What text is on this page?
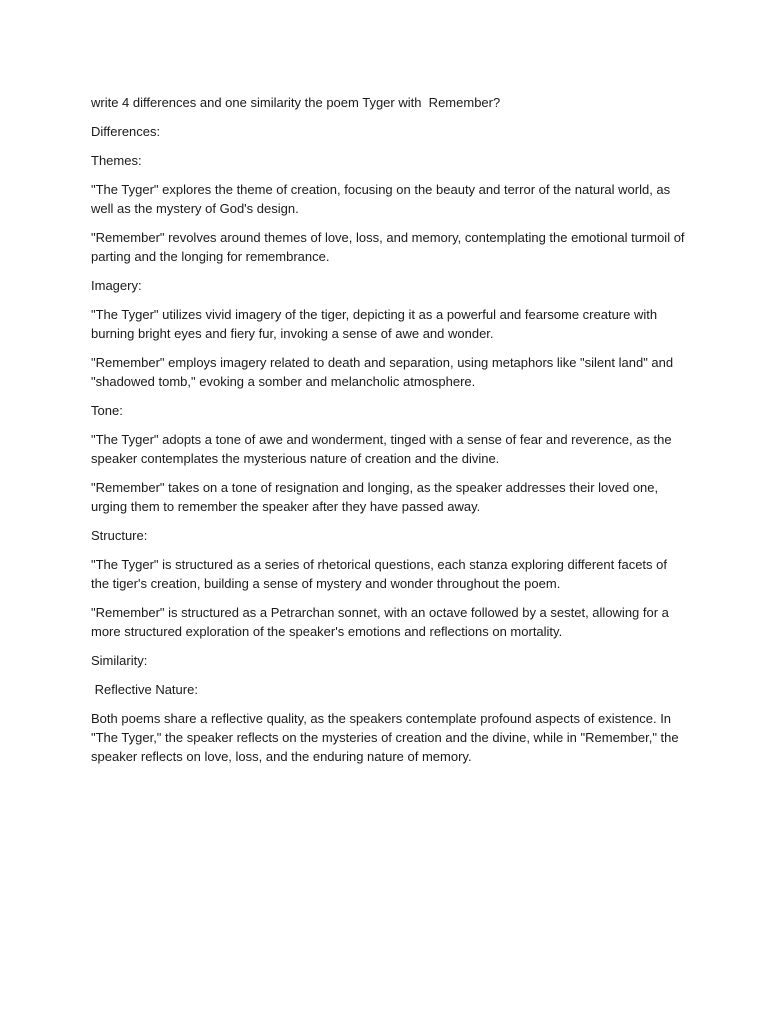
write 4 differences and one similarity the poem Tyger with  Remember?

Differences:

Themes:

"The Tyger" explores the theme of creation, focusing on the beauty and terror of the natural world, as well as the mystery of God's design.

"Remember" revolves around themes of love, loss, and memory, contemplating the emotional turmoil of parting and the longing for remembrance.

Imagery:

"The Tyger" utilizes vivid imagery of the tiger, depicting it as a powerful and fearsome creature with burning bright eyes and fiery fur, invoking a sense of awe and wonder.

"Remember" employs imagery related to death and separation, using metaphors like "silent land" and "shadowed tomb," evoking a somber and melancholic atmosphere.

Tone:

"The Tyger" adopts a tone of awe and wonderment, tinged with a sense of fear and reverence, as the speaker contemplates the mysterious nature of creation and the divine.

"Remember" takes on a tone of resignation and longing, as the speaker addresses their loved one, urging them to remember the speaker after they have passed away.

Structure:

"The Tyger" is structured as a series of rhetorical questions, each stanza exploring different facets of the tiger's creation, building a sense of mystery and wonder throughout the poem.

"Remember" is structured as a Petrarchan sonnet, with an octave followed by a sestet, allowing for a more structured exploration of the speaker's emotions and reflections on mortality.

Similarity:

Reflective Nature:

Both poems share a reflective quality, as the speakers contemplate profound aspects of existence. In "The Tyger," the speaker reflects on the mysteries of creation and the divine, while in "Remember," the speaker reflects on love, loss, and the enduring nature of memory.
